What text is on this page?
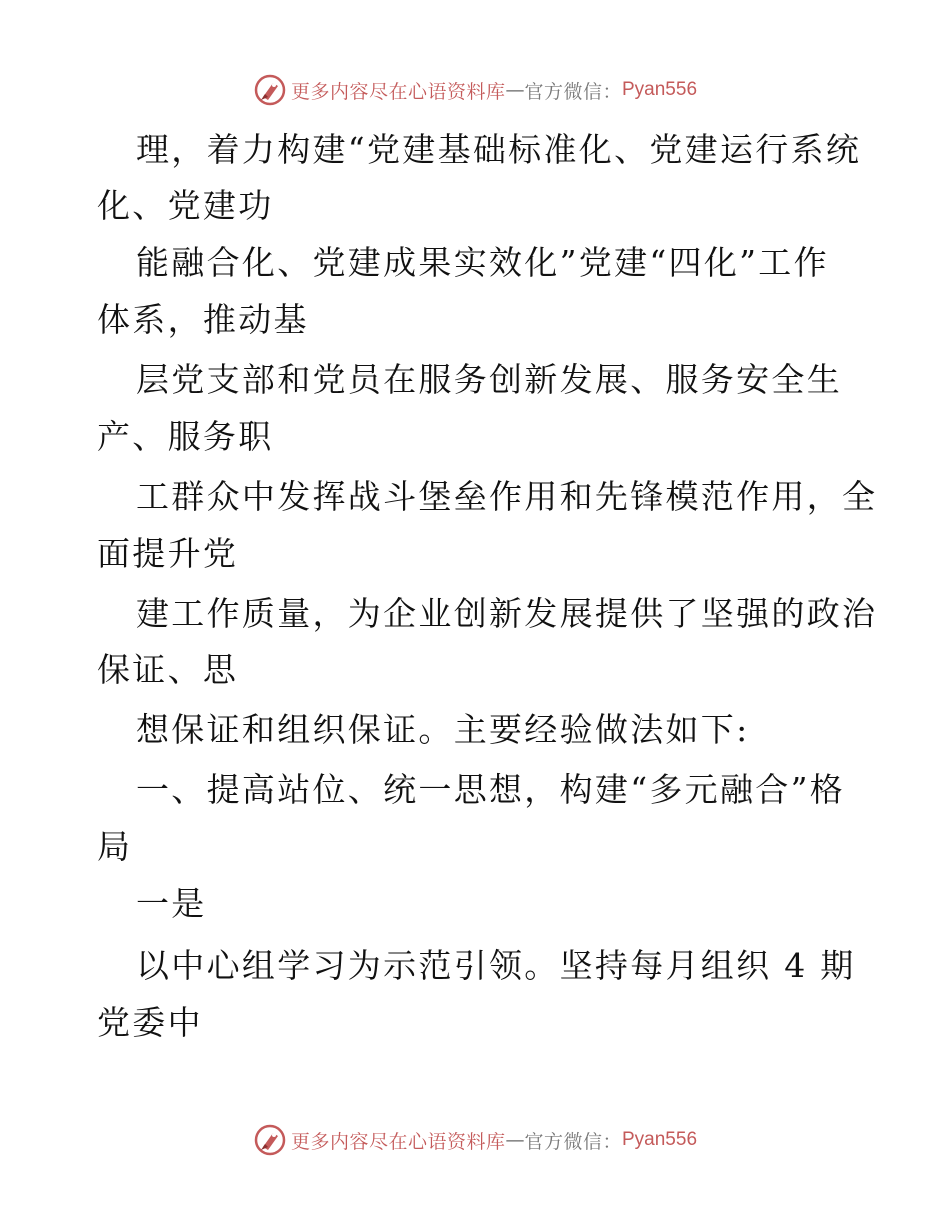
更多内容尽在心语资料库 — 官方微信： Pyan556
理，着力构建“党建基础标准化、党建运行系统
化、党建功
能融合化、党建成果实效化”党建“四化”工作
体系，推动基
层党支部和党员在服务创新发展、服务安全生
产、服务职
工群众中发挥战斗堡垒作用和先锋模范作用，全
面提升党
建工作质量，为企业创新发展提供了坚强的政治
保证、思
想保证和组织保证。主要经验做法如下:
一、提高站位、统一思想，构建“多元融合”格
局
一是
以中心组学习为示范引领。坚持每月组织 4 期
党委中
更多内容尽在心语资料库 — 官方微信： Pyan556
